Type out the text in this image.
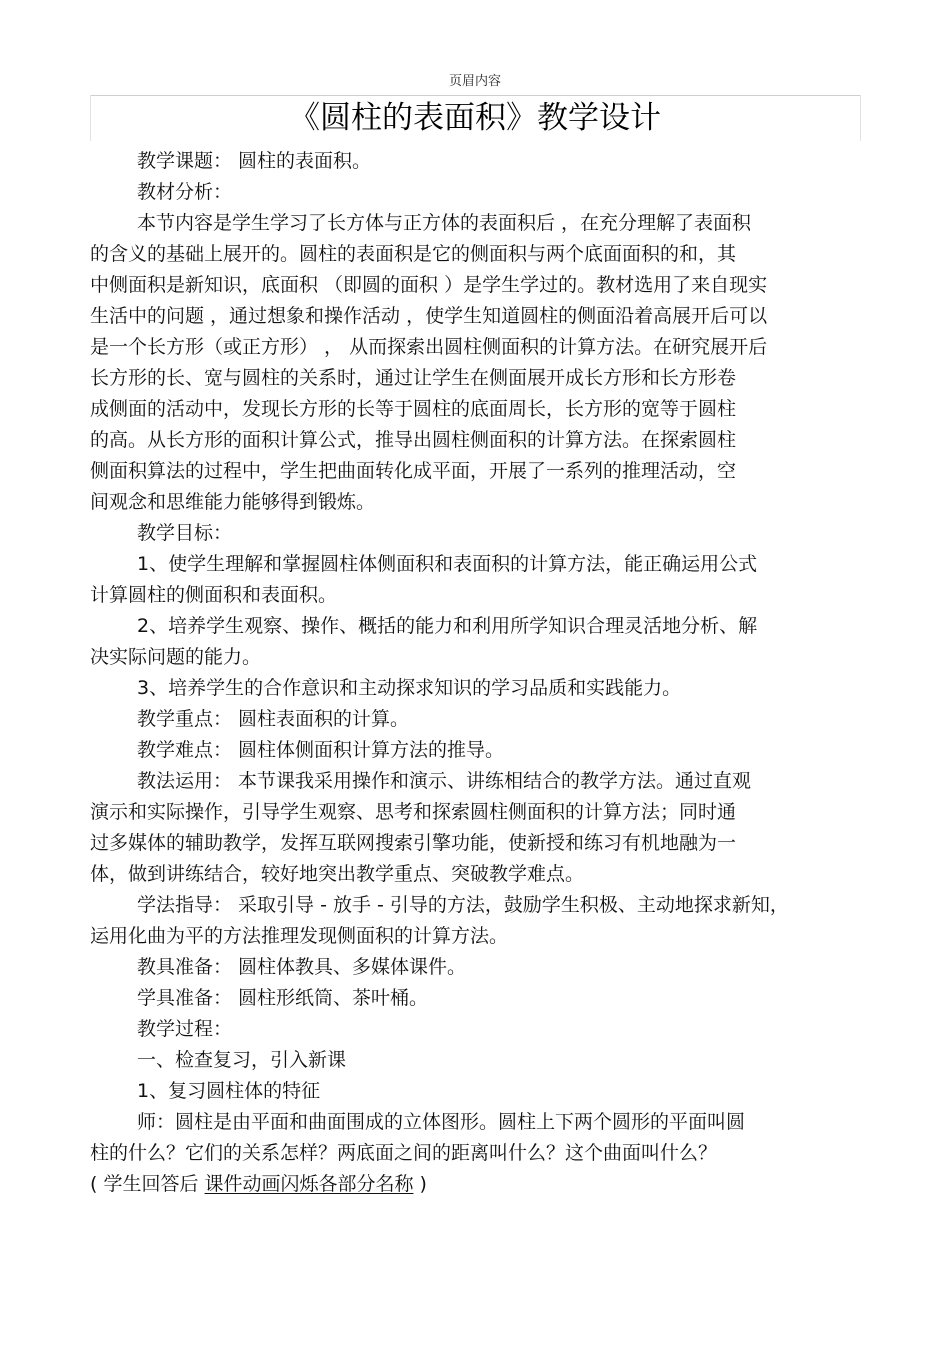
页眉内容
《圆柱的表面积》教学设计
教学课题： 圆柱的表面积。
教材分析：
本节内容是学生学习了长方体与正方体的表面积后 ，在充分理解了表面积
的含义的基础上展开的。圆柱的表面积是它的侧面积与两个底面面积的和，其
中侧面积是新知识，底面积 （即圆的面积 ）是学生学过的。教材选用了来自现实
生活中的问题 ，通过想象和操作活动 ，使学生知道圆柱的侧面沿着高展开后可以
是一个长方形（或正方形） ， 从而探索出圆柱侧面积的计算方法。在研究展开后
长方形的长、宽与圆柱的关系时，通过让学生在侧面展开成长方形和长方形卷
成侧面的活动中，发现长方形的长等于圆柱的底面周长，长方形的宽等于圆柱
的高。从长方形的面积计算公式，推导出圆柱侧面积的计算方法。在探索圆柱
侧面积算法的过程中，学生把曲面转化成平面，开展了一系列的推理活动，空
间观念和思维能力能够得到锻炼。
教学目标：
1、使学生理解和掌握圆柱体侧面积和表面积的计算方法，能正确运用公式
计算圆柱的侧面积和表面积。
2、培养学生观察、操作、概括的能力和利用所学知识合理灵活地分析、解
决实际问题的能力。
3、培养学生的合作意识和主动探求知识的学习品质和实践能力。
教学重点： 圆柱表面积的计算。
教学难点： 圆柱体侧面积计算方法的推导。
教法运用： 本节课我采用操作和演示、讲练相结合的教学方法。通过直观
演示和实际操作，引导学生观察、思考和探索圆柱侧面积的计算方法；同时通
过多媒体的辅助教学，发挥互联网搜索引擎功能，使新授和练习有机地融为一
体，做到讲练结合，较好地突出教学重点、突破教学难点。
学法指导： 采取引导 - 放手 - 引导的方法，鼓励学生积极、主动地探求新知，
运用化曲为平的方法推理发现侧面积的计算方法。
教具准备： 圆柱体教具、多媒体课件。
学具准备： 圆柱形纸筒、茶叶桶。
教学过程：
一、检查复习，引入新课
1、复习圆柱体的特征
师：圆柱是由平面和曲面围成的立体图形。圆柱上下两个圆形的平面叫圆
柱的什么？它们的关系怎样？两底面之间的距离叫什么？这个曲面叫什么？
( 学生回答后 课件动画闪烁各部分名称 )
